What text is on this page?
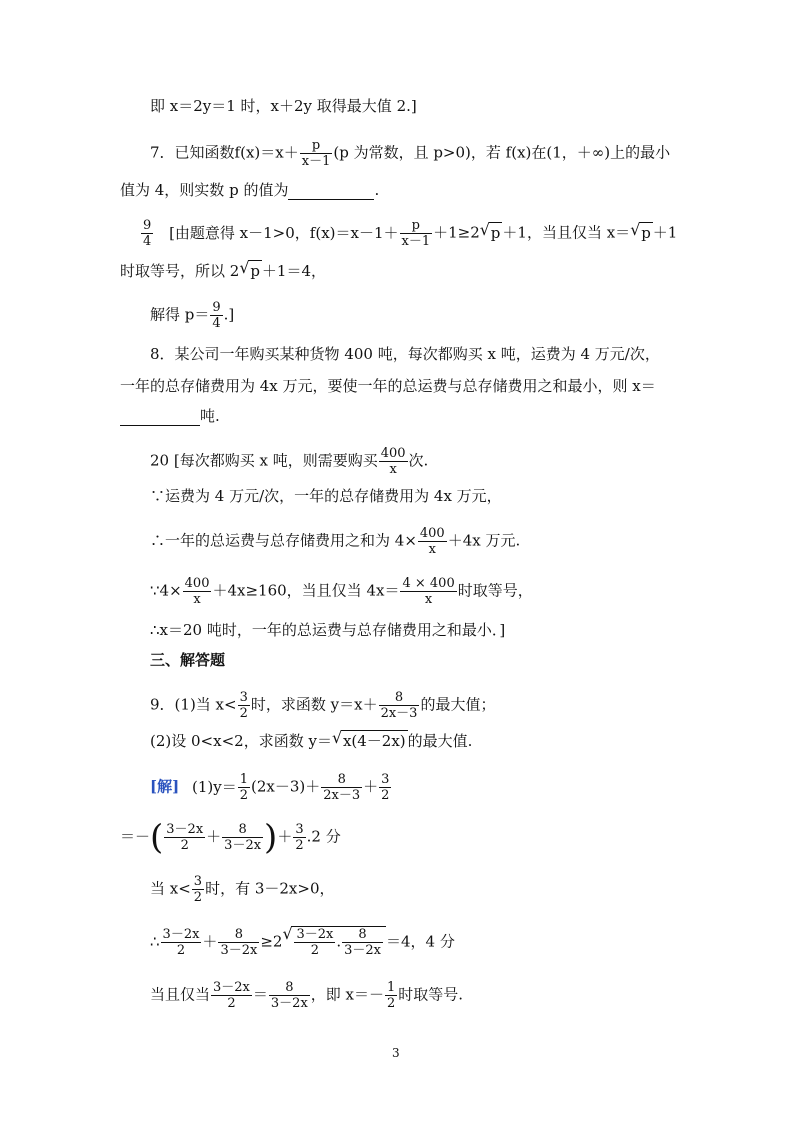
即 x＝2y＝1 时，x＋2y 取得最大值 2.]
7．已知函数$f(x)=x+ \frac{p}{x-1} (p$ 为常数，且 p>0)，若 f(x)在(1，＋∞)上的最小
值为 4，则实数 p 的值为	.
$\frac{9}{4}$ [由题意得 x－1>0，$f(x)=x-1+ \frac{p}{x-1} +1\ge 2√$ p ＋1，当且仅当 x＝√ p ＋1
时取等号，所以 2√ p ＋1＝4，
解得 $p= \frac{9}{4}$ .]
8．某公司一年购买某种货物 400 吨，每次都购买 x 吨，运费为 4 万元/次，
一年的总存储费用为 4x 万元，要使一年的总运费与总存储费用之和最小，则 x＝
吨.
20 [每次都购买 x 吨，则需要购买 $\frac{400}{x}$ 次.
∵运费为 4 万元/次，一年的总存储费用为 4x 万元，
∴一年的总运费与总存储费用之和为 $4\times \frac{400}{x} +4x$ 万元.
∵4× $\frac{400}{x} +4x\ge 160$，当且仅当 $4x= \frac{4 \times 400}{x}$ 时取等号，
∴x＝20 吨时，一年的总运费与总存储费用之和最小．]
三、解答题
9．(1)当 $x< \frac{3}{2}$ 时，求函数 $y=x+ \frac{8}{2x-3}$ 的最大值；
(2)设 0<x<2，求函数 y＝√ x(4－2x) 的最大值.
[解] $(1)y= \frac{1}{2} (2x-3)+ \frac{8}{2x-3} + \frac{3}{2}$
＝－( $\frac{3-2x}{2} + \frac{8}{3-2x}$ )＋ $\frac{3}{2} .2$ 分
当 $x< \frac{3}{2}$ 时，有 3－2x>0，
∴ $\frac{3-2x}{2} + \frac{8}{3-2x} \ge 2$
√ $\frac{3-2x}{2}$ . $\frac{8}{3-2x} =4$，4 分
当且仅当 $\frac{3-2x}{2} = \frac{8}{3-2x}$ ，即 $x=- \frac{1}{2}$ 时取等号.
3
